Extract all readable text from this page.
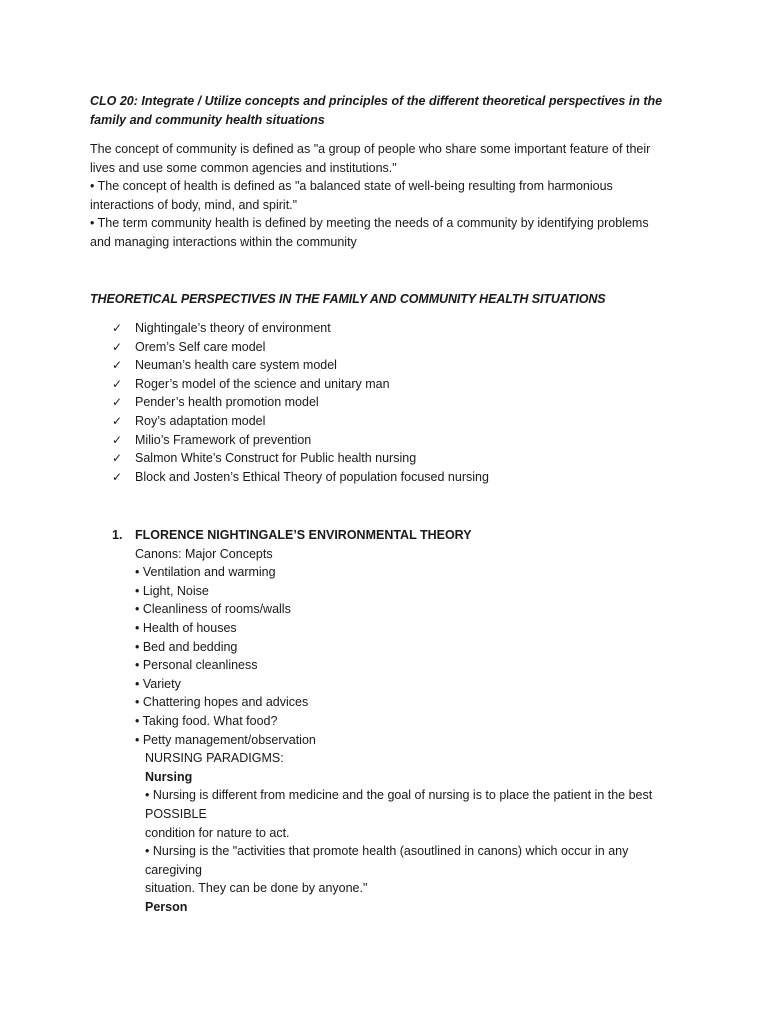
CLO 20: Integrate / Utilize concepts and principles of the different theoretical perspectives in the
family and community health situations
The concept of community is defined as "a group of people who share some important feature of their
lives and use some common agencies and institutions."
• The concept of health is defined as "a balanced state of well-being resulting from harmonious
interactions of body, mind, and spirit."
• The term community health is defined by meeting the needs of a community by identifying problems
and managing interactions within the community
THEORETICAL PERSPECTIVES IN THE FAMILY AND COMMUNITY HEALTH SITUATIONS
✓ Nightingale’s theory of environment
✓ Orem’s Self care model
✓ Neuman’s health care system model
✓ Roger’s model of the science and unitary man
✓ Pender’s health promotion model
✓ Roy’s adaptation model
✓ Milio’s Framework of prevention
✓ Salmon White’s Construct for Public health nursing
✓ Block and Josten’s Ethical Theory of population focused nursing
1. FLORENCE NIGHTINGALE’S ENVIRONMENTAL THEORY
Canons: Major Concepts
• Ventilation and warming
• Light, Noise
• Cleanliness of rooms/walls
• Health of houses
• Bed and bedding
• Personal cleanliness
• Variety
• Chattering hopes and advices
• Taking food. What food?
• Petty management/observation
NURSING PARADIGMS:
Nursing
• Nursing is different from medicine and the goal of nursing is to place the patient in the best
POSSIBLE
condition for nature to act.
• Nursing is the "activities that promote health (asoutlined in canons) which occur in any
caregiving
situation. They can be done by anyone."
Person
